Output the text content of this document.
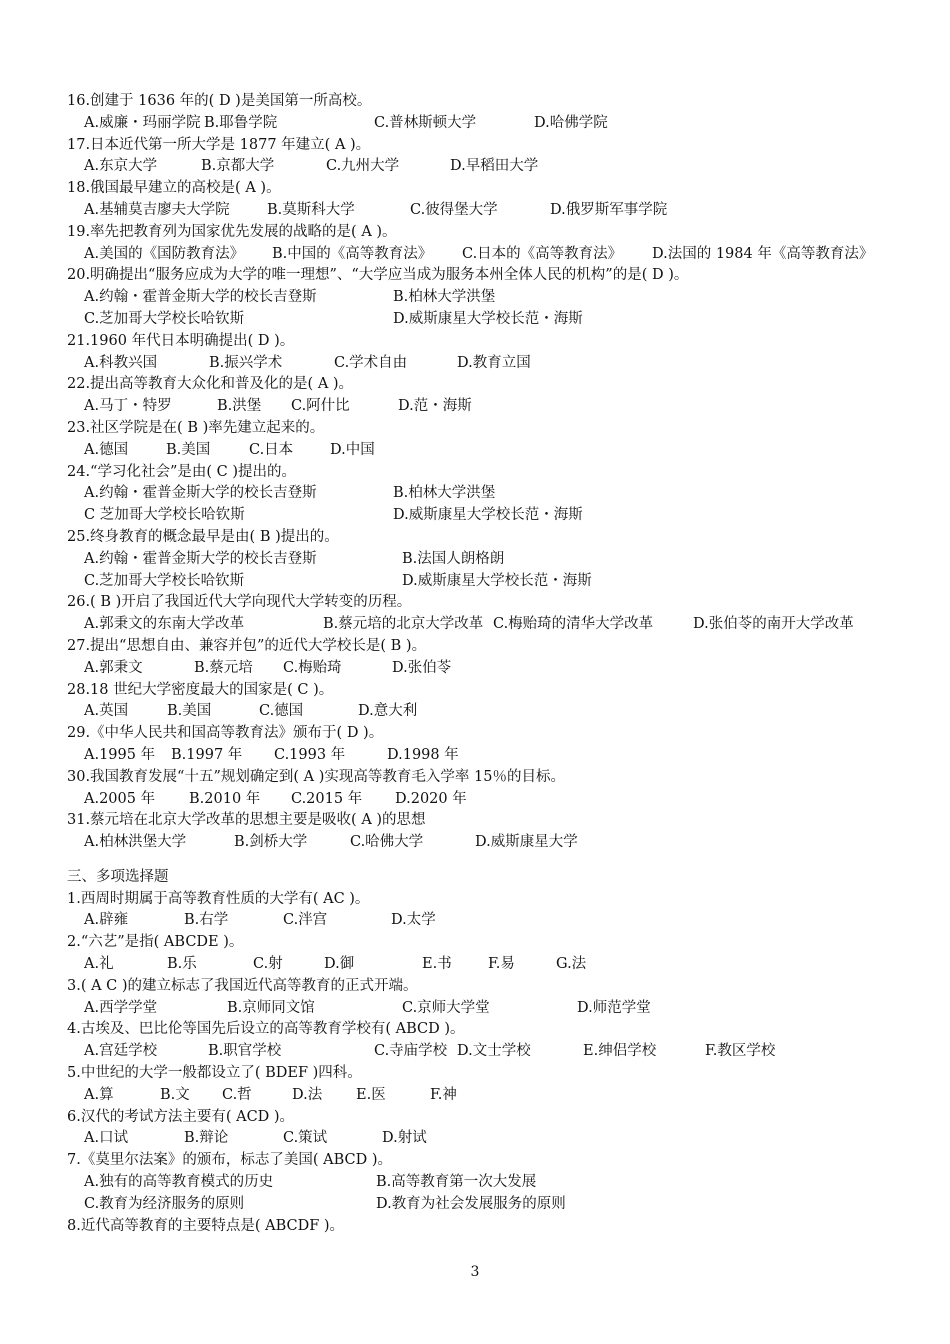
16.创建于 1636 年的( D )是美国第一所高校。
A.威廉・玛丽学院 B.耶鲁学院	C.普林斯顿大学	D.哈佛学院
17.日本近代第一所大学是 1877 年建立( A )。
A.东京大学	B.京都大学	C.九州大学	D.早稻田大学
18.俄国最早建立的高校是( A )。
A.基辅莫吉廖夫大学院	B.莫斯科大学	C.彼得堡大学	D.俄罗斯军事学院
19.率先把教育列为国家优先发展的战略的是( A )。
A.美国的《国防教育法》 B.中国的《高等教育法》 C.日本的《高等教育法》 D.法国的 1984 年《高等教育法》
20.明确提出“服务应成为大学的唯一理想”、“大学应当成为服务本州全体人民的机构”的是( D )。
A.约翰・霍普金斯大学的校长吉登斯	B.柏林大学洪堡
C.芝加哥大学校长哈钦斯	D.威斯康星大学校长范・海斯
21.1960 年代日本明确提出( D )。
A.科教兴国	B.振兴学术	C.学术自由	D.教育立国
22.提出高等教育大众化和普及化的是( A )。
A.马丁・特罗	B.洪堡 C.阿什比	D.范・海斯
23.社区学院是在( B )率先建立起来的。
A.德国	B.美国	C.日本	D.中国
24.“学习化社会”是由( C )提出的。
A.约翰・霍普金斯大学的校长吉登斯	B.柏林大学洪堡
C 芝加哥大学校长哈钦斯	D.威斯康星大学校长范・海斯
25.终身教育的概念最早是由( B )提出的。
A.约翰・霍普金斯大学的校长吉登斯	B.法国人朗格朗
C.芝加哥大学校长哈钦斯	D.威斯康星大学校长范・海斯
26.( B )开启了我国近代大学向现代大学转变的历程。
A.郭秉文的东南大学改革	B.蔡元培的北京大学改革 C.梅贻琦的清华大学改革	D.张伯苓的南开大学改革
27.提出“思想自由、兼容并包”的近代大学校长是( B )。
A.郭秉文	B.蔡元培 C.梅贻琦	D.张伯苓
28.18 世纪大学密度最大的国家是( C )。
A.英国	B.美国	C.德国	D.意大利
29.《中华人民共和国高等教育法》颁布于( D )。
A.1995 年 B.1997 年 C.1993 年	D.1998 年
30.我国教育发展“十五”规划确定到( A )实现高等教育毛入学率 15％的目标。
A.2005 年 B.2010 年 C.2015 年 D.2020 年
31.蔡元培在北京大学改革的思想主要是吸收( A )的思想
A.柏林洪堡大学	B.剑桥大学	C.哈佛大学	D.威斯康星大学
三、多项选择题
1.西周时期属于高等教育性质的大学有( AC )。
A.辟雍	B.右学	C.泮宫	D.太学
2.“六艺”是指( ABCDE )。
A.礼	B.乐	C.射	D.御	E.书	F.易	G.法
3.( A C )的建立标志了我国近代高等教育的正式开端。
A.西学学堂	B.京师同文馆	C.京师大学堂	D.师范学堂
4.古埃及、巴比伦等国先后设立的高等教育学校有( ABCD )。
A.宫廷学校	B.职官学校	C.寺庙学校 D.文士学校	E.绅侣学校	F.教区学校
5.中世纪的大学一般都设立了( BDEF )四科。
A.算	B.文 C.哲	D.法 E.医	F.神
6.汉代的考试方法主要有( ACD )。
A.口试	B.辩论	C.策试	D.射试
7.《莫里尔法案》的颁布，标志了美国( ABCD )。
A.独有的高等教育模式的历史	B.高等教育第一次大发展
C.教育为经济服务的原则	D.教育为社会发展服务的原则
8.近代高等教育的主要特点是( ABCDF )。
3
